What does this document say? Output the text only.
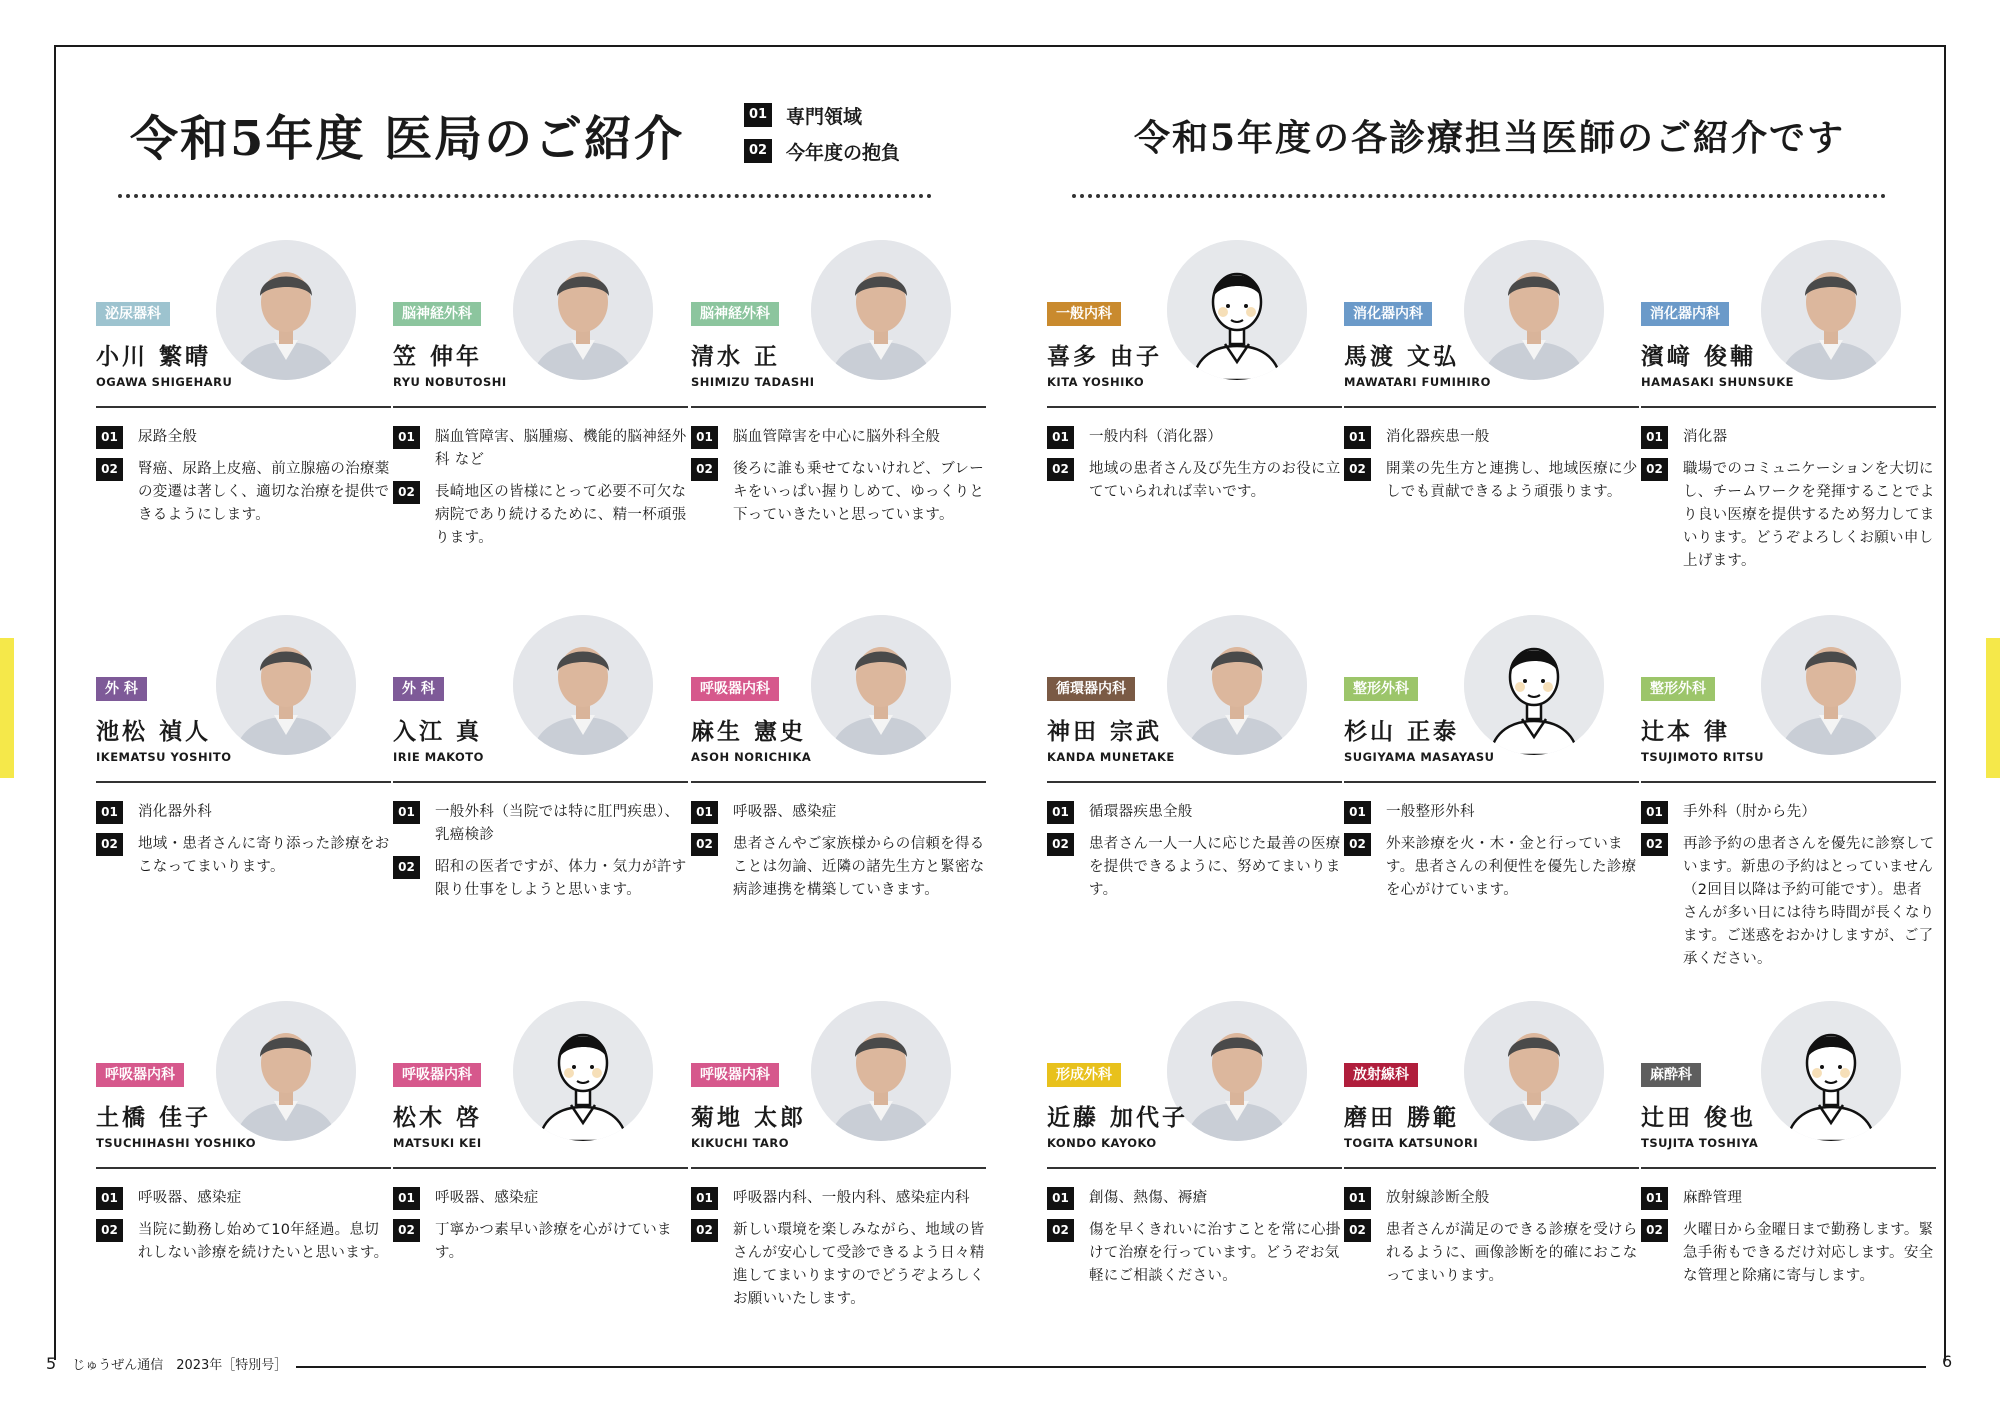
令和5年度 医局のご紹介	01 専門領域
02 今年度の抱負	令和5年度の各診療担当医師のご紹介です
泌尿器科
小川 繁晴
OGAWA SHIGEHARU
01	尿路全般
02	腎癌、尿路上皮癌、前立腺癌の治療薬の変遷は著しく、適切な治療を提供できるようにします。
脳神経外科
笠 伸年
RYU NOBUTOSHI
01	脳血管障害、脳腫瘍、機能的脳神経外科 など
02	長崎地区の皆様にとって必要不可欠な病院であり続けるために、精一杯頑張ります。
脳神経外科
清水 正
SHIMIZU TADASHI
01	脳血管障害を中心に脳外科全般
02	後ろに誰も乗せてないけれど、ブレーキをいっぱい握りしめて、ゆっくりと下っていきたいと思っています。
一般内科
喜多 由子
KITA YOSHIKO
01	一般内科（消化器）
02	地域の患者さん及び先生方のお役に立てていられれば幸いです。
消化器内科
馬渡 文弘
MAWATARI FUMIHIRO
01	消化器疾患一般
02	開業の先生方と連携し、地域医療に少しでも貢献できるよう頑張ります。
消化器内科
濱﨑 俊輔
HAMASAKI SHUNSUKE
01	消化器
02	職場でのコミュニケーションを大切にし、チームワークを発揮することでより良い医療を提供するため努力してまいります。どうぞよろしくお願い申し上げます。
外 科
池松 禎人
IKEMATSU YOSHITO
01	消化器外科
02	地域・患者さんに寄り添った診療をおこなってまいります。
外 科
入江 真
IRIE MAKOTO
01	一般外科（当院では特に肛門疾患）、乳癌検診
02	昭和の医者ですが、体力・気力が許す限り仕事をしようと思います。
呼吸器内科
麻生 憲史
ASOH NORICHIKA
01	呼吸器、感染症
02	患者さんやご家族様からの信頼を得ることは勿論、近隣の諸先生方と緊密な病診連携を構築していきます。
循環器内科
神田 宗武
KANDA MUNETAKE
01	循環器疾患全般
02	患者さん一人一人に応じた最善の医療を提供できるように、努めてまいります。
整形外科
杉山 正泰
SUGIYAMA MASAYASU
01	一般整形外科
02	外来診療を火・木・金と行っています。患者さんの利便性を優先した診療を心がけています。
整形外科
辻本 律
TSUJIMOTO RITSU
01	手外科（肘から先）
02	再診予約の患者さんを優先に診察しています。新患の予約はとっていません（2回目以降は予約可能です）。患者さんが多い日には待ち時間が長くなります。ご迷惑をおかけしますが、ご了承ください。
呼吸器内科
土橋 佳子
TSUCHIHASHI YOSHIKO
01	呼吸器、感染症
02	当院に勤務し始めて10年経過。息切れしない診療を続けたいと思います。
呼吸器内科
松木 啓
MATSUKI KEI
01	呼吸器、感染症
02	丁寧かつ素早い診療を心がけています。
呼吸器内科
菊地 太郎
KIKUCHI TARO
01	呼吸器内科、一般内科、感染症内科
02	新しい環境を楽しみながら、地域の皆さんが安心して受診できるよう日々精進してまいりますのでどうぞよろしくお願いいたします。
形成外科
近藤 加代子
KONDO KAYOKO
01	創傷、熱傷、褥瘡
02	傷を早くきれいに治すことを常に心掛けて治療を行っています。どうぞお気軽にご相談ください。
放射線科
磨田 勝範
TOGITA KATSUNORI
01	放射線診断全般
02	患者さんが満足のできる診療を受けられるように、画像診断を的確におこなってまいります。
麻酔科
辻田 俊也
TSUJITA TOSHIYA
01	麻酔管理
02	火曜日から金曜日まで勤務します。緊急手術もできるだけ対応します。安全な管理と除痛に寄与します。
5 じゅうぜん通信　2023年［特別号］	6
